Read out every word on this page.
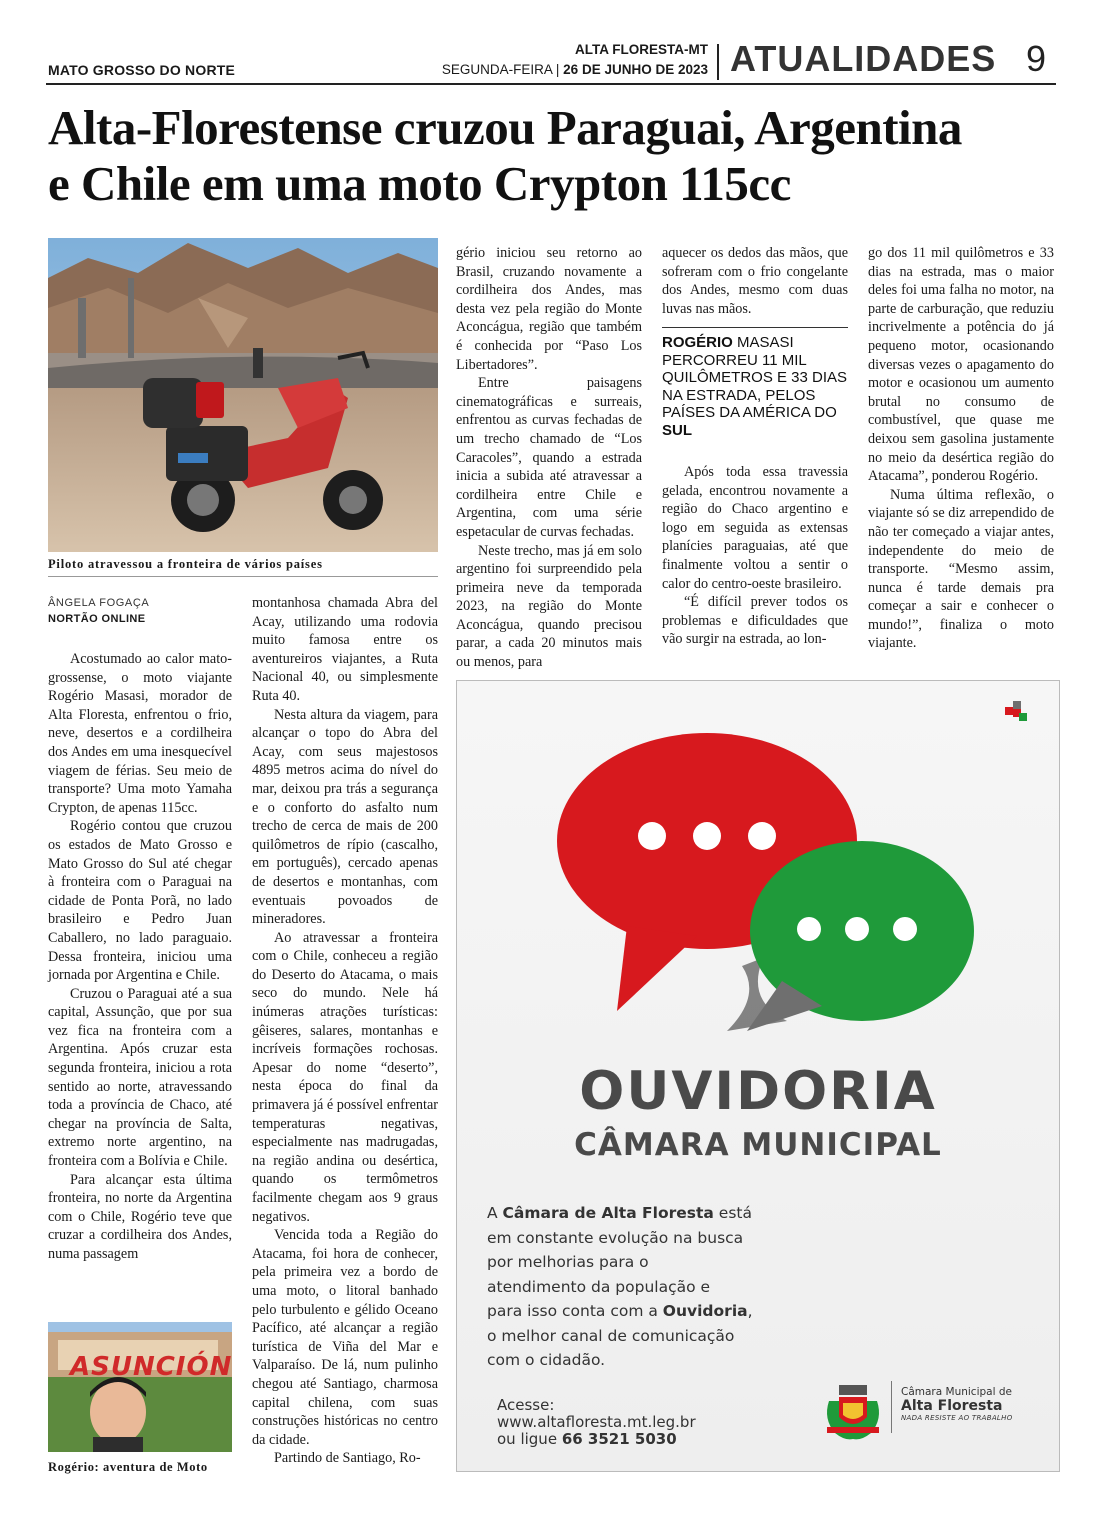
MATO GROSSO DO NORTE
ALTA FLORESTA-MT
SEGUNDA-FEIRA | 26 DE JUNHO DE 2023 ATUALIDADES 9
Alta-Florestense cruzou Paraguai, Argentina
e Chile em uma moto Crypton 115cc
Piloto atravessou a fronteira de vários países
ÂNGELA FOGAÇA
NORTÃO ONLINE

Acostumado ao calor mato-grossense, o moto viajante Rogério Masasi, morador de Alta Floresta, enfrentou o frio, neve, desertos e a cordilheira dos Andes em uma inesquecível viagem de férias. Seu meio de transporte? Uma moto Yamaha Crypton, de apenas 115cc.

Rogério contou que cruzou os estados de Mato Grosso e Mato Grosso do Sul até chegar à fronteira com o Paraguai na cidade de Ponta Porã, no lado brasileiro e Pedro Juan Caballero, no lado paraguaio. Dessa fronteira, iniciou uma jornada por Argentina e Chile.

Cruzou o Paraguai até a sua capital, Assunção, que por sua vez fica na fronteira com a Argentina. Após cruzar esta segunda fronteira, iniciou a rota sentido ao norte, atravessando toda a província de Chaco, até chegar na província de Salta, extremo norte argentino, na fronteira com a Bolívia e Chile.

Para alcançar esta última fronteira, no norte da Argentina com o Chile, Rogério teve que cruzar a cordilheira dos Andes, numa passagem

ASUNCIÓN
Rogério: aventura de Moto

montanhosa chamada Abra del Acay, utilizando uma rodovia muito famosa entre os aventureiros viajantes, a Ruta Nacional 40, ou simplesmente Ruta 40.

Nesta altura da viagem, para alcançar o topo do Abra del Acay, com seus majestosos 4895 metros acima do nível do mar, deixou pra trás a segurança e o conforto do asfalto num trecho de cerca de mais de 200 quilômetros de rípio (cascalho, em português), cercado apenas de desertos e montanhas, com eventuais povoados de mineradores.

Ao atravessar a fronteira com o Chile, conheceu a região do Deserto do Atacama, o mais seco do mundo. Nele há inúmeras atrações turísticas: gêiseres, salares, montanhas e incríveis formações rochosas. Apesar do nome “deserto”, nesta época do final da primavera já é possível enfrentar temperaturas negativas, especialmente nas madrugadas, na região andina ou desértica, quando os termômetros facilmente chegam aos 9 graus negativos.

Vencida toda a Região do Atacama, foi hora de conhecer, pela primeira vez a bordo de uma moto, o litoral banhado pelo turbulento e gélido Oceano Pacífico, até alcançar a região turística de Viña del Mar e Valparaíso. De lá, num pulinho chegou até Santiago, charmosa capital chilena, com suas construções históricas no centro da cidade.

Partindo de Santiago, Ro-

gério iniciou seu retorno ao Brasil, cruzando novamente a cordilheira dos Andes, mas desta vez pela região do Monte Aconcágua, região que também é conhecida por “Paso Los Libertadores”.

Entre paisagens cinematográficas e surreais, enfrentou as curvas fechadas de um trecho chamado de “Los Caracoles”, quando a estrada inicia a subida até atravessar a cordilheira entre Chile e Argentina, com uma série espetacular de curvas fechadas.

Neste trecho, mas já em solo argentino foi surpreendido pela primeira neve da temporada 2023, na região do Monte Aconcágua, quando precisou parar, a cada 20 minutos mais ou menos, para

aquecer os dedos das mãos, que sofreram com o frio congelante dos Andes, mesmo com duas luvas nas mãos.

ROGÉRIO MASASI PERCORREU 11 MIL QUILÔMETROS E 33 DIAS NA ESTRADA, PELOS PAÍSES DA AMÉRICA DO SUL

Após toda essa travessia gelada, encontrou novamente a região do Chaco argentino e logo em seguida as extensas planícies paraguaias, até que finalmente voltou a sentir o calor do centro-oeste brasileiro.

“É difícil prever todos os problemas e dificuldades que vão surgir na estrada, ao lon-

go dos 11 mil quilômetros e 33 dias na estrada, mas o maior deles foi uma falha no motor, na parte de carburação, que reduziu incrivelmente a potência do já pequeno motor, ocasionando diversas vezes o apagamento do motor e ocasionou um aumento brutal no consumo de combustível, que quase me deixou sem gasolina justamente no meio da desértica região do Atacama”, ponderou Rogério.

Numa última reflexão, o viajante só se diz arrependido de não ter começado a viajar antes, independente do meio de transporte. “Mesmo assim, nunca é tarde demais pra começar a sair e conhecer o mundo!”, finaliza o moto viajante.

OUVIDORIA
CÂMARA MUNICIPAL
A Câmara de Alta Floresta está
em constante evolução na busca
por melhorias para o
atendimento da população e
para isso conta com a Ouvidoria,
o melhor canal de comunicação
com o cidadão.
Acesse:
www.altafloresta.mt.leg.br
ou ligue 66 3521 5030
Câmara Municipal de
Alta Floresta
NADA RESISTE AO TRABALHO
